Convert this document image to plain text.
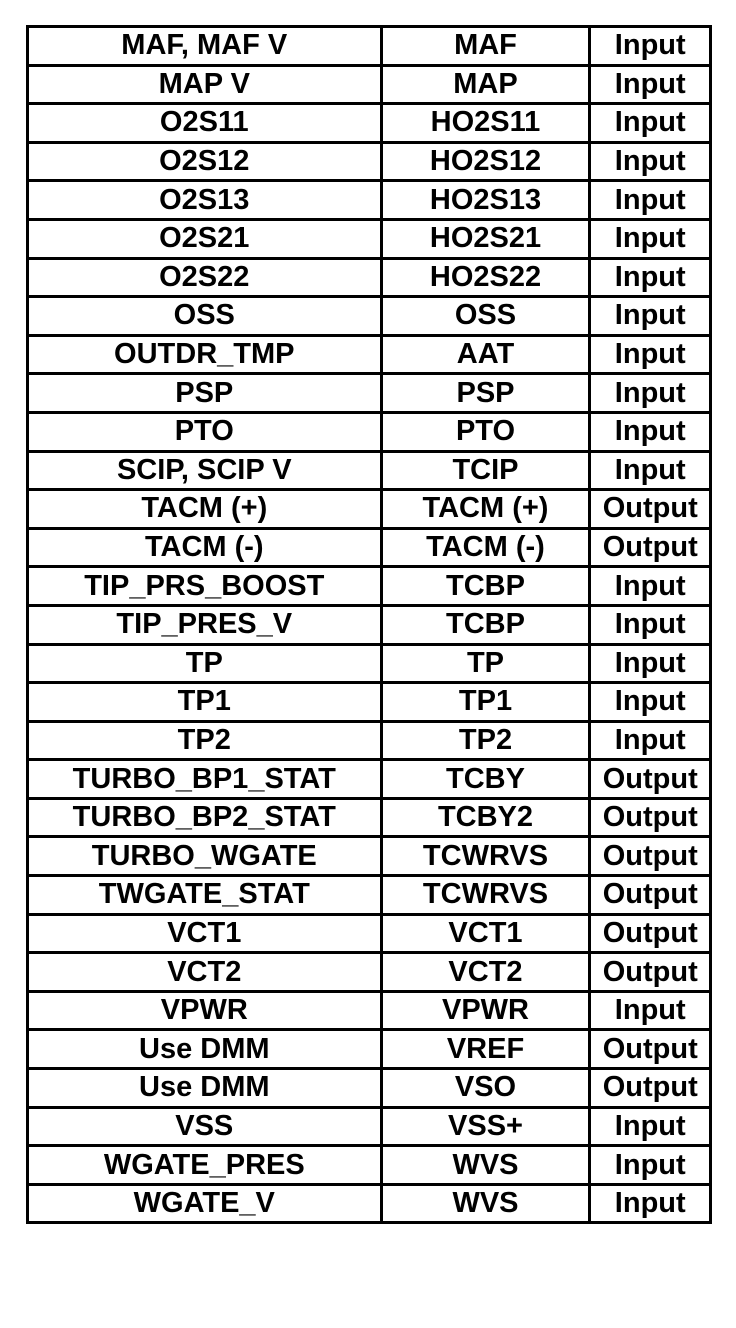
MAF, MAF V	MAF	Input
MAP V	MAP	Input
O2S11	HO2S11	Input
O2S12	HO2S12	Input
O2S13	HO2S13	Input
O2S21	HO2S21	Input
O2S22	HO2S22	Input
OSS	OSS	Input
OUTDR_TMP	AAT	Input
PSP	PSP	Input
PTO	PTO	Input
SCIP, SCIP V	TCIP	Input
TACM (+)	TACM (+)	Output
TACM (-)	TACM (-)	Output
TIP_PRS_BOOST	TCBP	Input
TIP_PRES_V	TCBP	Input
TP	TP	Input
TP1	TP1	Input
TP2	TP2	Input
TURBO_BP1_STAT	TCBY	Output
TURBO_BP2_STAT	TCBY2	Output
TURBO_WGATE	TCWRVS	Output
TWGATE_STAT	TCWRVS	Output
VCT1	VCT1	Output
VCT2	VCT2	Output
VPWR	VPWR	Input
Use DMM	VREF	Output
Use DMM	VSO	Output
VSS	VSS+	Input
WGATE_PRES	WVS	Input
WGATE_V	WVS	Input
